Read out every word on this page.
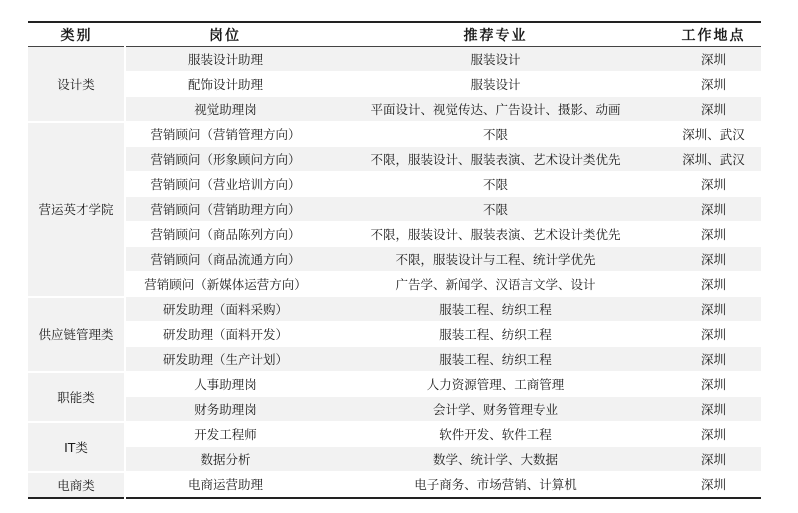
类别	岗位	推荐专业	工作地点
设计类	服装设计助理	服装设计	深圳
	配饰设计助理	服装设计	深圳
	视觉助理岗	平面设计、视觉传达、广告设计、摄影、动画	深圳
营运英才学院	营销顾问（营销管理方向）	不限	深圳、武汉
	营销顾问（形象顾问方向）	不限，服装设计、服装表演、艺术设计类优先	深圳、武汉
	营销顾问（营业培训方向）	不限	深圳
	营销顾问（营销助理方向）	不限	深圳
	营销顾问（商品陈列方向）	不限，服装设计、服装表演、艺术设计类优先	深圳
	营销顾问（商品流通方向）	不限，服装设计与工程、统计学优先	深圳
	营销顾问（新媒体运营方向）	广告学、新闻学、汉语言文学、设计	深圳
供应链管理类	研发助理（面料采购）	服装工程、纺织工程	深圳
	研发助理（面料开发）	服装工程、纺织工程	深圳
	研发助理（生产计划）	服装工程、纺织工程	深圳
职能类	人事助理岗	人力资源管理、工商管理	深圳
	财务助理岗	会计学、财务管理专业	深圳
IT类	开发工程师	软件开发、软件工程	深圳
	数据分析	数学、统计学、大数据	深圳
电商类	电商运营助理	电子商务、市场营销、计算机	深圳
